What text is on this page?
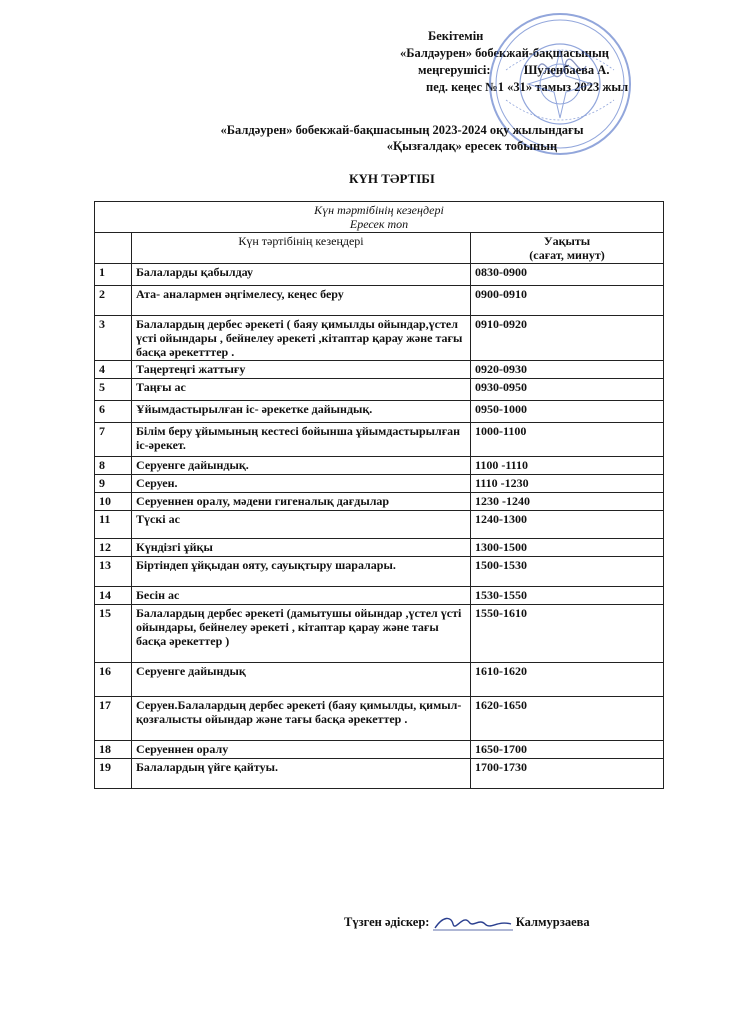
Бекітемін
«Балдәурен» бобекжай-бақшасының
меңгерушісі:	Шуленбаева А.
пед. кеңес №1 «31» тамыз 2023 жыл
«Балдәурен» бобекжай-бақшасының 2023-2024 оқу жылындағы
«Қызғалдақ» ересек тобының
КҮН ТӘРТІБІ
Күн тәртібінің кезеңдері
Ересек топ		

	Күн тәртібінің кезеңдері	Уақыты
(сағат, минут)

1	Балаларды қабылдау	0830-0900
2	Ата- аналармен әңгімелесу, кеңес беру	0900-0910
3	Балалардың дербес әрекеті ( баяу қимылды ойындар,үстел үсті ойындары , бейнелеу әрекеті ,кітаптар қарау және тағы басқа әрекетттер .	0910-0920
4	Таңертеңгі жаттығу	0920-0930
5	Таңғы ас	0930-0950
6	Ұйымдастырылған іс- әрекетке дайындық.	0950-1000
7	Білім беру ұйымының кестесі бойынша ұйымдастырылған іс-әрекет.	1000-1100
8	Серуенге дайындық.	1100 -1110
9	Серуен.	1110 -1230
10	Серуеннен оралу, мәдени гигеналық дағдылар	1230 -1240
11	Түскі ас	1240-1300
12	Күндізгі ұйқы	1300-1500
13	Біртіндеп ұйқыдан ояту, сауықтыру шаралары.	1500-1530
14	Бесін ас	1530-1550
15	Балалардың дербес әрекеті (дамытушы ойындар ,үстел үсті ойындары, бейнелеу әрекеті , кітаптар қарау және тағы басқа әрекеттер )	1550-1610
16	Серуенге дайындық	1610-1620
17	Серуен.Балалардың дербес әрекеті (баяу қимылды, қимыл-қозғалысты ойындар және тағы басқа әрекеттер .	1620-1650
18	Серуеннен оралу	1650-1700
19	Балалардың үйге қайтуы.	1700-1730
Түзген әдіскер:	Калмурзаева
